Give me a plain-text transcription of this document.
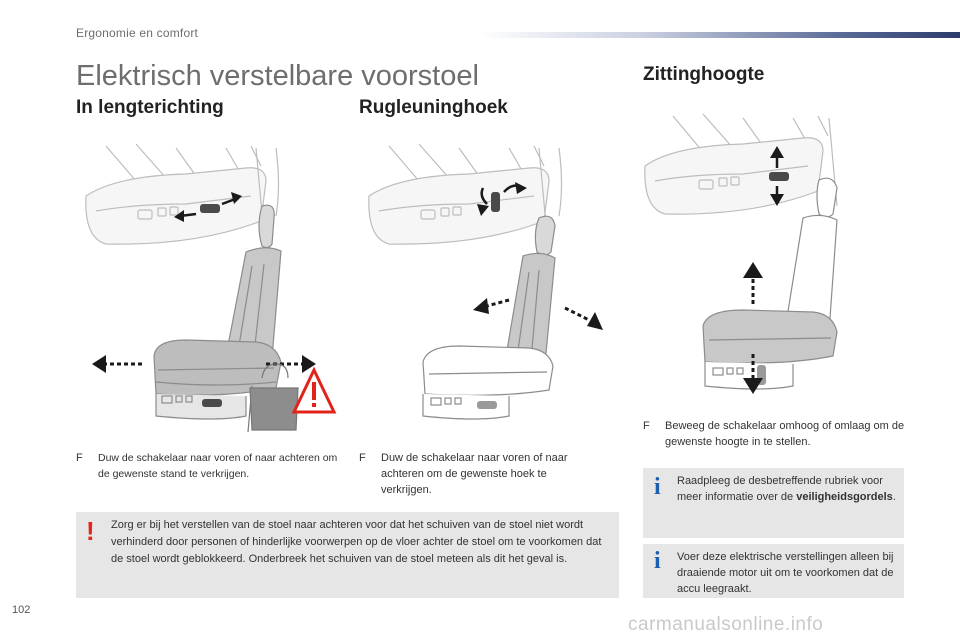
Ergonomie en comfort
Elektrisch verstelbare voorstoel
In lengterichting	Rugleuninghoek
Zittinghoogte
F	Duw de schakelaar naar voren of naar achteren om de gewenste stand te verkrijgen.
F	Duw de schakelaar naar voren of naar achteren om de gewenste hoek te verkrijgen.
F	Beweeg de schakelaar omhoog of omlaag om de gewenste hoogte in te stellen.
! Zorg er bij het verstellen van de stoel naar achteren voor dat het schuiven van de stoel niet wordt verhinderd door personen of hinderlijke voorwerpen op de vloer achter de stoel om te voorkomen dat de stoel wordt geblokkeerd. Onderbreek het schuiven van de stoel meteen als dit het geval is.
i Raadpleeg de desbetreffende rubriek voor meer informatie over de veiligheidsgordels.
i Voer deze elektrische verstellingen alleen bij draaiende motor uit om te voorkomen dat de accu leegraakt.
102
carmanualsonline.info
